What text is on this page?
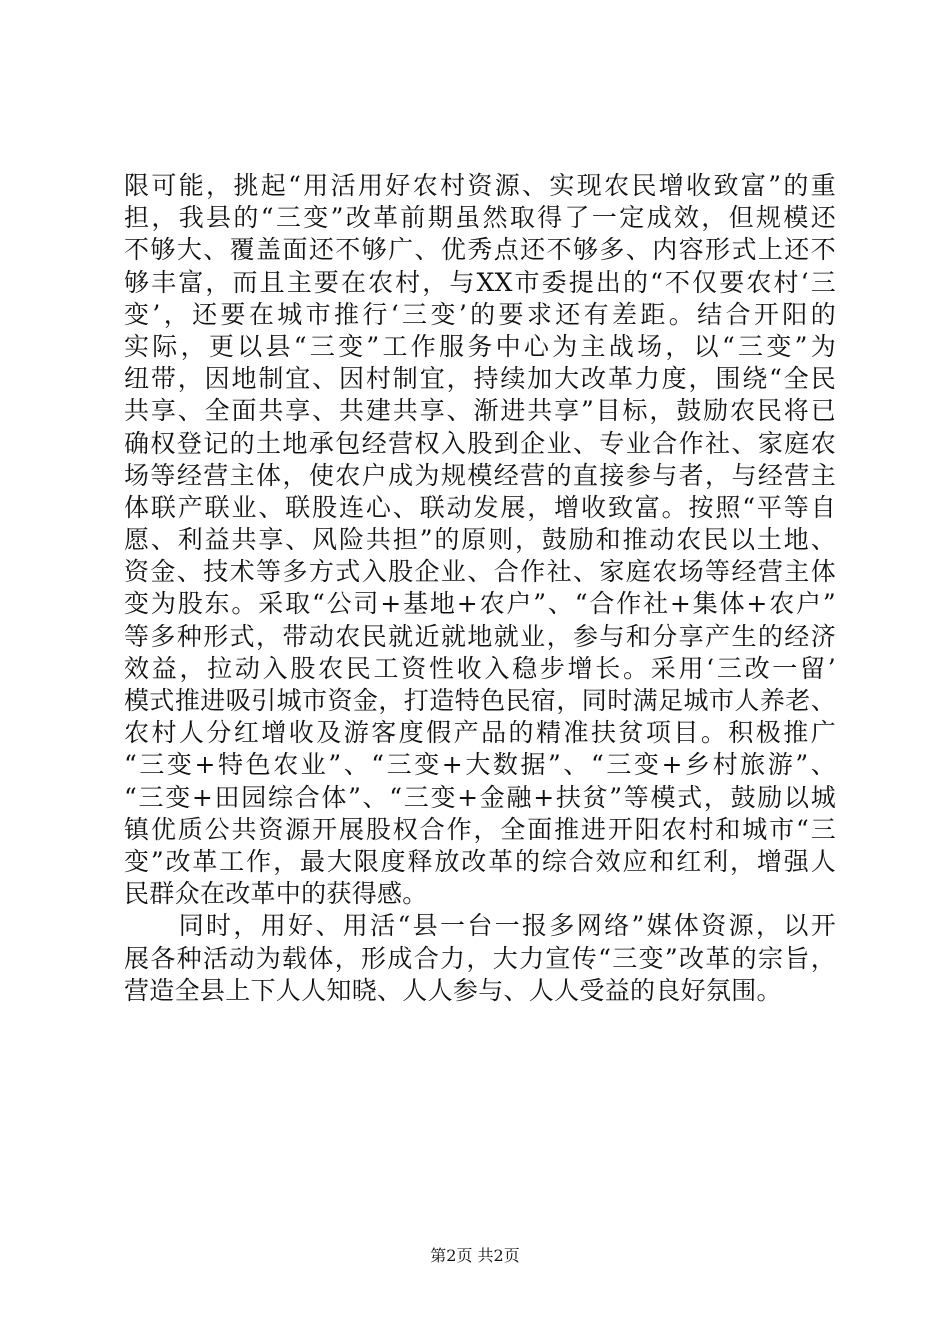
限可能，挑起“用活用好农村资源、实现农民增收致富”的重
担，我县的“三变”改革前期虽然取得了一定成效，但规模还
不够大、覆盖面还不够广、优秀点还不够多、内容形式上还不
够丰富，而且主要在农村，与XX市委提出的“不仅要农村‘三
变’，还要在城市推行‘三变’的要求还有差距。结合开阳的
实际，更以县“三变”工作服务中心为主战场，以“三变”为
纽带，因地制宜、因村制宜，持续加大改革力度，围绕“全民
共享、全面共享、共建共享、渐进共享”目标，鼓励农民将已
确权登记的土地承包经营权入股到企业、专业合作社、家庭农
场等经营主体，使农户成为规模经营的直接参与者，与经营主
体联产联业、联股连心、联动发展，增收致富。按照“平等自
愿、利益共享、风险共担”的原则，鼓励和推动农民以土地、
资金、技术等多方式入股企业、合作社、家庭农场等经营主体
变为股东。采取“公司+基地+农户”、“合作社+集体+农户”
等多种形式，带动农民就近就地就业，参与和分享产生的经济
效益，拉动入股农民工资性收入稳步增长。采用‘三改一留’
模式推进吸引城市资金，打造特色民宿，同时满足城市人养老、
农村人分红增收及游客度假产品的精准扶贫项目。积极推广
“三变+特色农业”、“三变+大数据”、“三变+乡村旅游”、
“三变+田园综合体”、“三变+金融+扶贫”等模式，鼓励以城
镇优质公共资源开展股权合作，全面推进开阳农村和城市“三
变”改革工作，最大限度释放改革的综合效应和红利，增强人
民群众在改革中的获得感。
　　同时，用好、用活“县一台一报多网络”媒体资源，以开
展各种活动为载体，形成合力，大力宣传“三变”改革的宗旨，
营造全县上下人人知晓、人人参与、人人受益的良好氛围。
第2页 共2页
